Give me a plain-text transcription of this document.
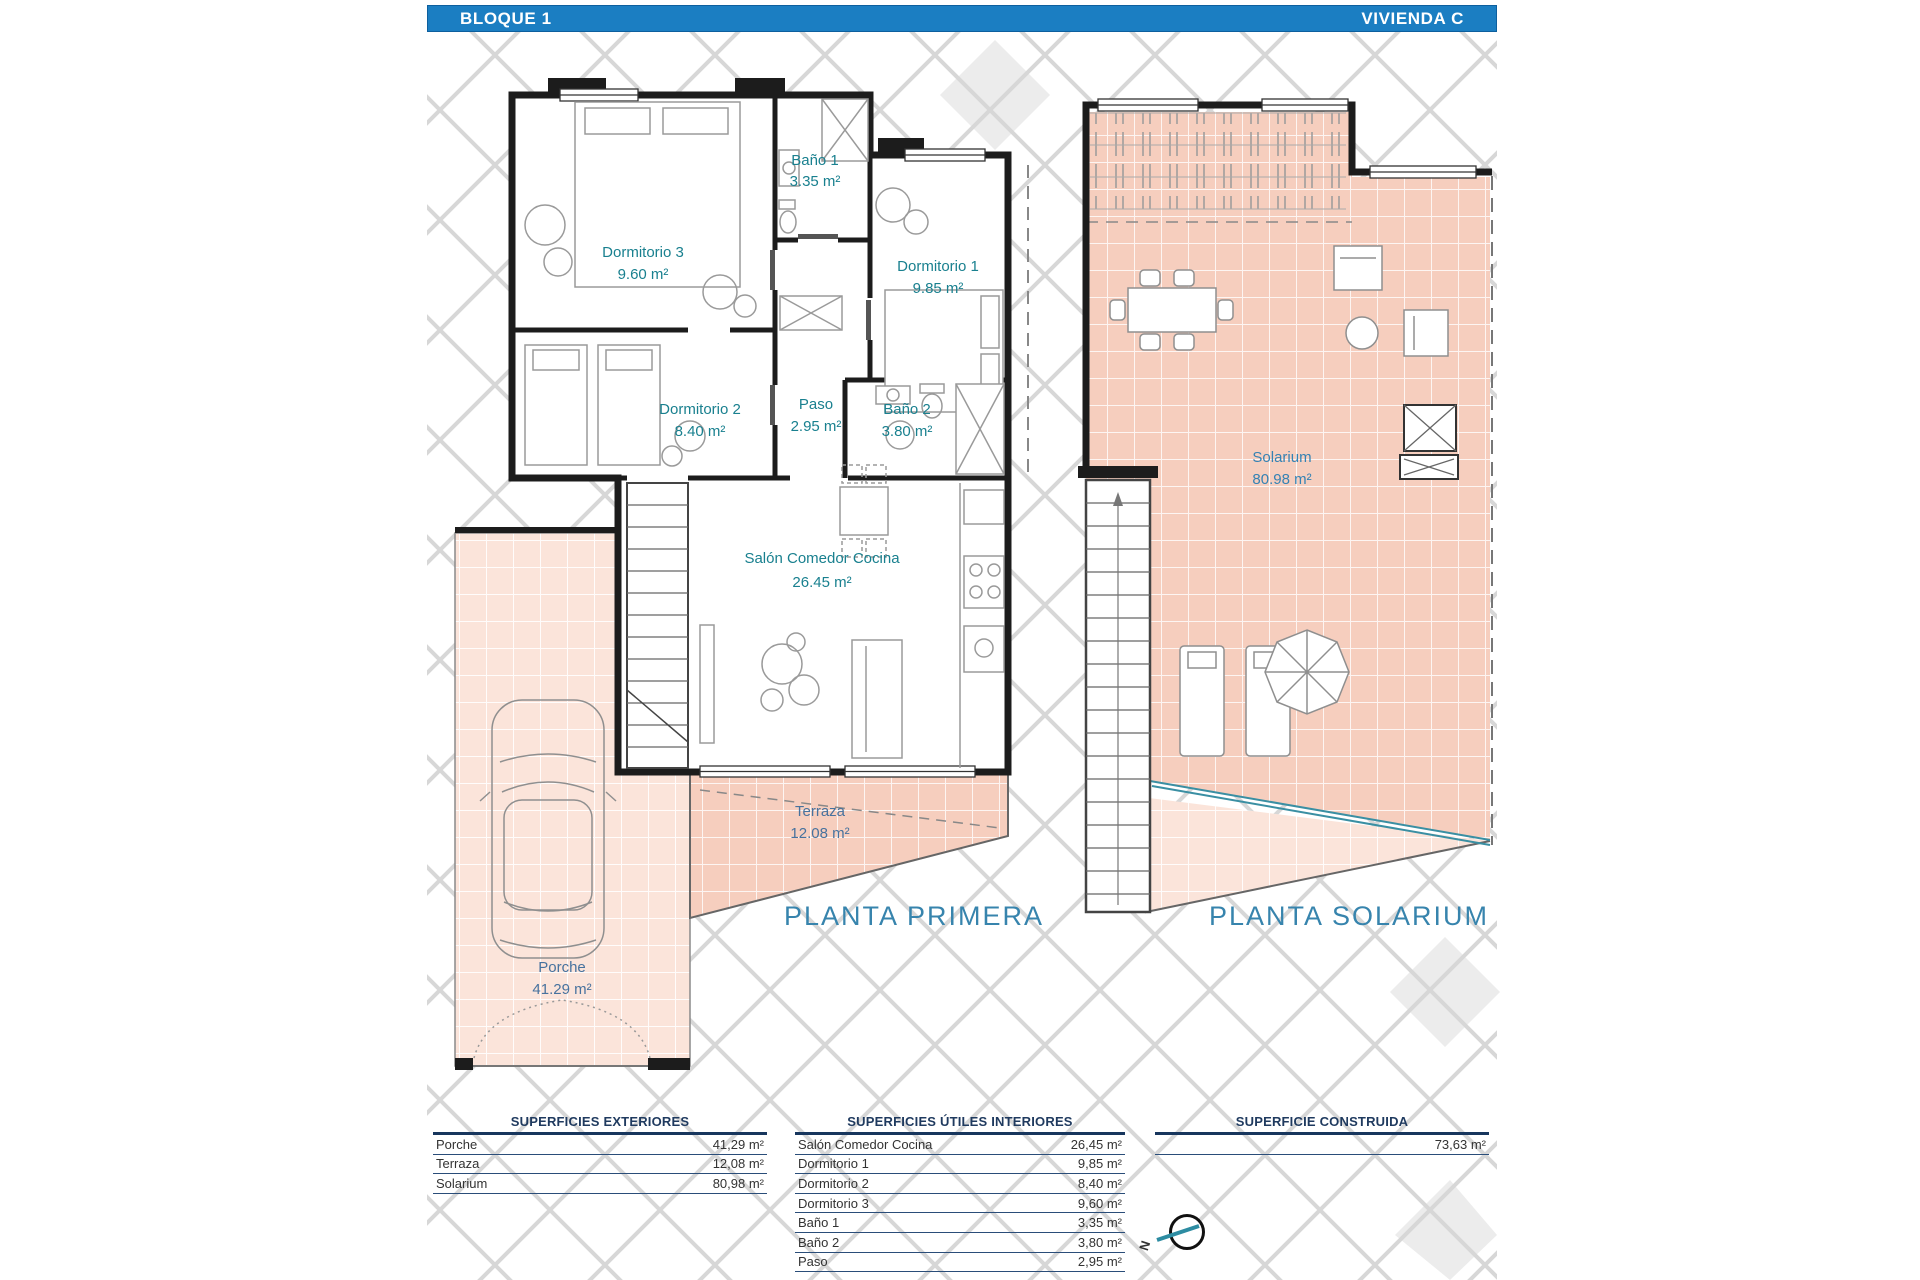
Baño 1
3.35 m²
Dormitorio 3
9.60 m²	Dormitorio 1
9.85 m²
Dormitorio 2
8.40 m²
Paso
2.95 m²
Baño 2
3.80 m²
Salón Comedor Cocina
26.45 m²
Terraza
12.08 m²
Porche
41.29 m²
PLANTA PRIMERA
Solarium
80.98 m²
PLANTA SOLARIUM
N
BLOQUE 1	VIVIENDA C
SUPERFICIES EXTERIORES
Porche	41,29 m²
Terraza	12,08 m²
Solarium	80,98 m²
SUPERFICIES ÚTILES INTERIORES
Salón Comedor Cocina	26,45 m²
Dormitorio 1	9,85 m²
Dormitorio 2	8,40 m²
Dormitorio 3	9,60 m²
Baño 1	3,35 m²
Baño 2	3,80 m²
Paso	2,95 m²
SUPERFICIE CONSTRUIDA
73,63 m²
